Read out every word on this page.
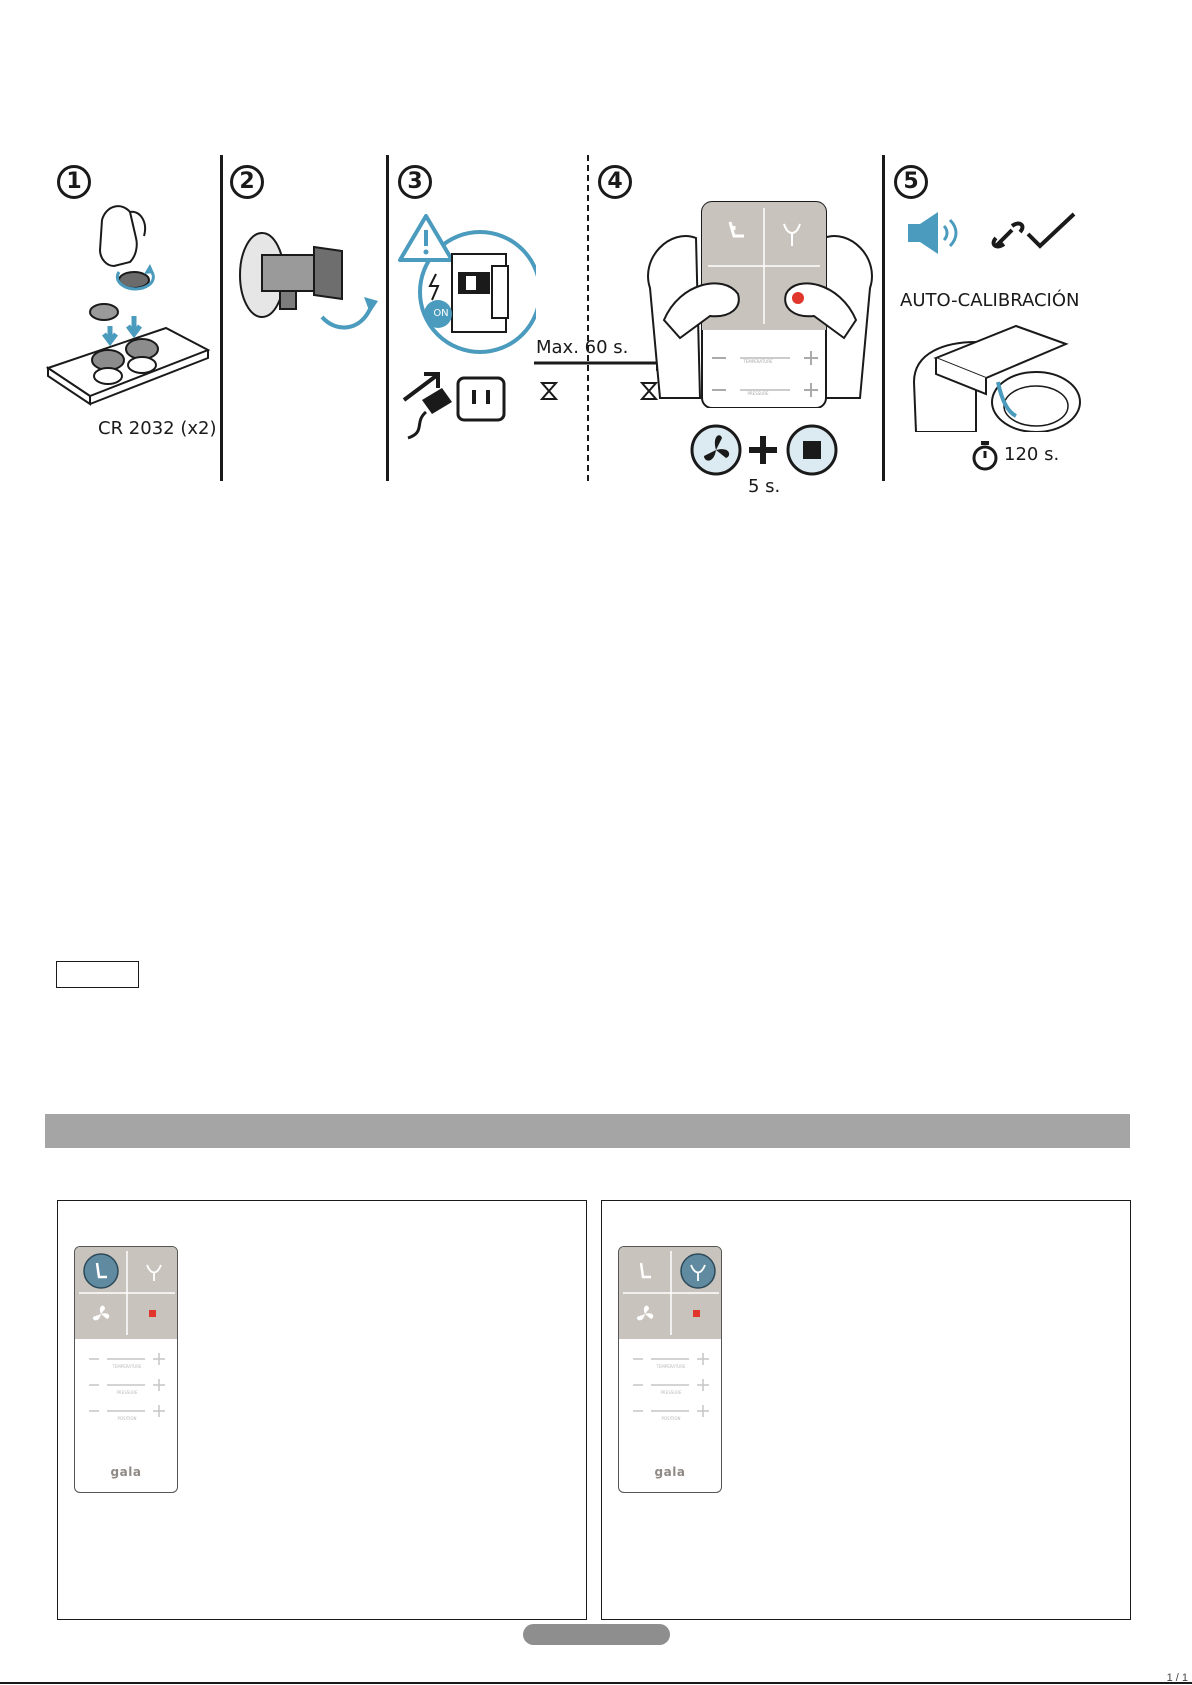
1	2	3	4	5
CR 2032 (x2)
ON
Max. 60 s.
5 s.
AUTO-CALIBRACIÓN
120 s.
TEMPERATURE
PRESSURE
POSITION
gala
TEMPERATURE
PRESSURE
POSITION
gala
1 / 1
TEMPERATURE
PRESSURE
